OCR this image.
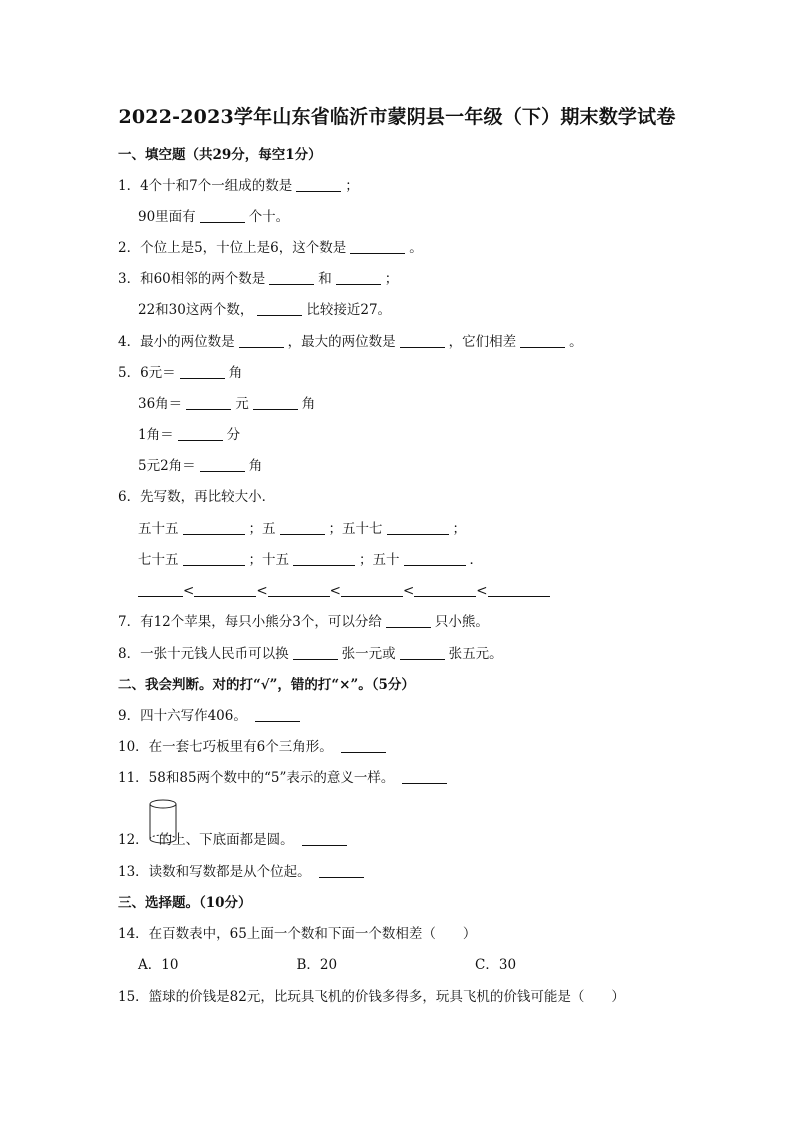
2022-2023学年山东省临沂市蒙阴县一年级（下）期末数学试卷
一、填空题（共29分，每空1分）
1．4个十和7个一组成的数是	；
90里面有	个十。
2．个位上是5，十位上是6，这个数是	。
3．和60相邻的两个数是	和	；
22和30这两个数，	比较接近27。
4．最小的两位数是	，最大的两位数是	，它们相差	。
5．6元＝	角
36角＝	元	角
1角＝	分
5元2角＝	角
6．先写数，再比较大小．
五十五	；五	；五十七	；
七十五	；十五	；五十	．
<	<	<	<	<
7．有12个苹果，每只小熊分3个，可以分给	只小熊。
8．一张十元钱人民币可以换	张一元或	张五元。
二、我会判断。对的打“√”，错的打“×”。（5分）
9．四十六写作406。
10．在一套七巧板里有6个三角形。
11．58和85两个数中的“5”表示的意义一样。
12． 的上、下底面都是圆。
13．读数和写数都是从个位起。
三、选择题。（10分）
14．在百数表中，65上面一个数和下面一个数相差（　　）
A．10	B．20	C．30
15．篮球的价钱是82元，比玩具飞机的价钱多得多，玩具飞机的价钱可能是（　　）
